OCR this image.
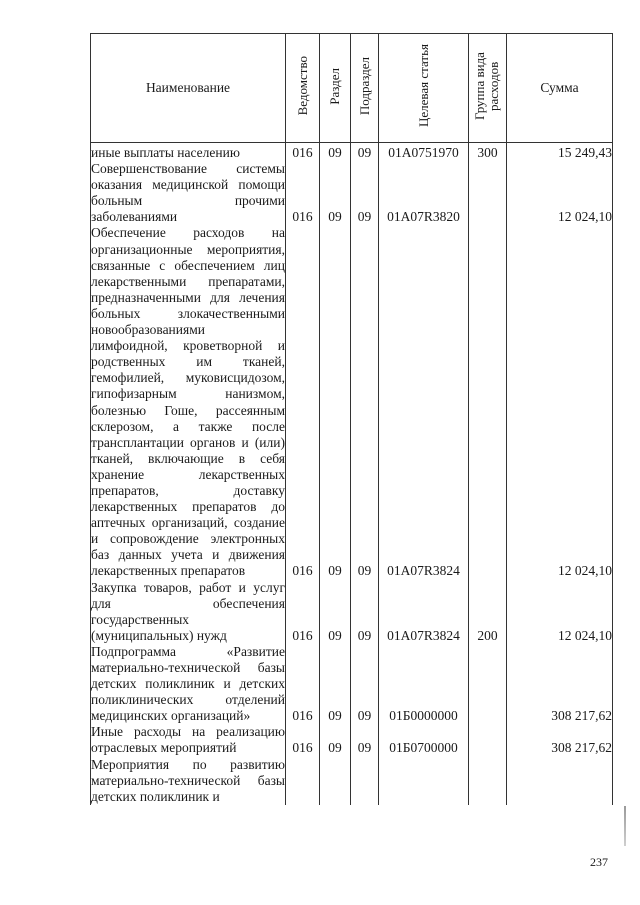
Наименование	Ведомство	Раздел	Подраздел	Целевая статья	Группа вида расходов	Сумма
иные выплаты населению	016	09	09	01А0751970	300	15 249,43
Совершенствование системы оказания медицинской помощи больным прочими заболеваниями	016	09	09	01А07R3820		12 024,10
Обеспечение расходов на организационные мероприятия, связанные с обеспечением лиц лекарственными препаратами, предназначенными для лечения больных злокачественными новообразованиями лимфоидной, кроветворной и родственных им тканей, гемофилией, муковисцидозом, гипофизарным нанизмом, болезнью Гоше, рассеянным склерозом, а также после трансплантации органов и (или) тканей, включающие в себя хранение лекарственных препаратов, доставку лекарственных препаратов до аптечных организаций, создание и сопровождение электронных баз данных учета и движения лекарственных препаратов	016	09	09	01А07R3824		12 024,10
Закупка товаров, работ и услуг для обеспечения государственных (муниципальных) нужд	016	09	09	01А07R3824	200	12 024,10
Подпрограмма «Развитие материально-технической базы детских поликлиник и детских поликлинических отделений медицинских организаций»	016	09	09	01Б0000000		308 217,62
Иные расходы на реализацию отраслевых мероприятий	016	09	09	01Б0700000		308 217,62
Мероприятия по развитию материально-технической базы детских поликлиник и						
237
